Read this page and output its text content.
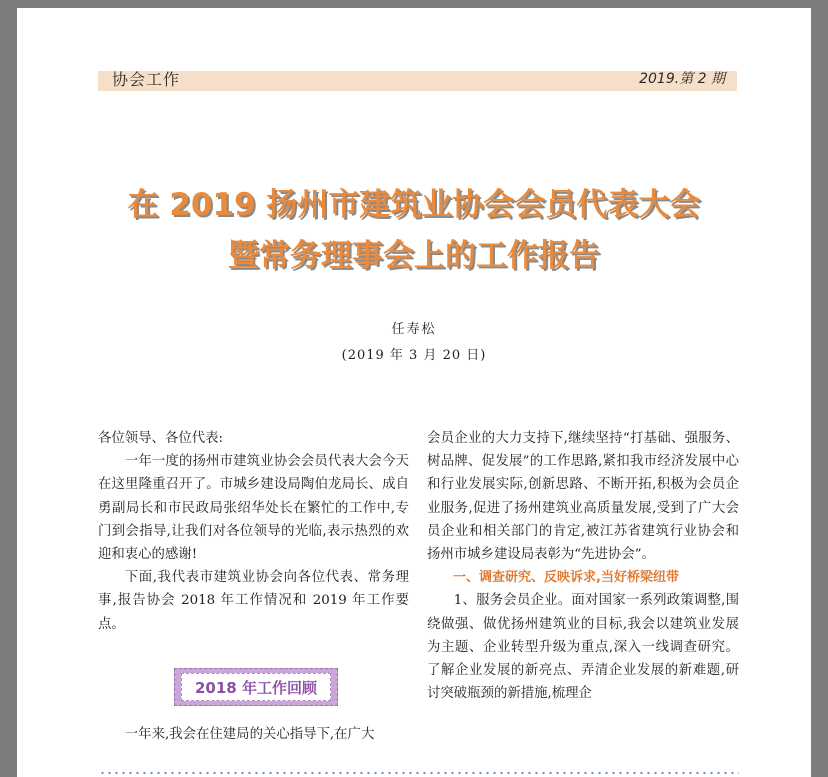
协会工作	2019.第 2 期
在 2019 扬州市建筑业协会会员代表大会
暨常务理事会上的工作报告
任寿松
(2019 年 3 月 20 日)

各位领导、各位代表:

一年一度的扬州市建筑业协会会员代表大会今天在这里隆重召开了。市城乡建设局陶伯龙局长、成自勇副局长和市民政局张绍华处长在繁忙的工作中,专门到会指导,让我们对各位领导的光临,表示热烈的欢迎和衷心的感谢!

下面,我代表市建筑业协会向各位代表、常务理事,报告协会 2018 年工作情况和 2019 年工作要点。

2018 年工作回顾
一年来,我会在住建局的关心指导下,在广大

会员企业的大力支持下,继续坚持“打基础、强服务、树品牌、促发展”的工作思路,紧扣我市经济发展中心和行业发展实际,创新思路、不断开拓,积极为会员企业服务,促进了扬州建筑业高质量发展,受到了广大会员企业和相关部门的肯定,被江苏省建筑行业协会和扬州市城乡建设局表彰为“先进协会”。

一、调查研究、反映诉求,当好桥梁纽带

1、服务会员企业。面对国家一系列政策调整,围绕做强、做优扬州建筑业的目标,我会以建筑业发展为主题、企业转型升级为重点,深入一线调查研究。了解企业发展的新亮点、弄清企业发展的新难题,研讨突破瓶颈的新措施,梳理企
